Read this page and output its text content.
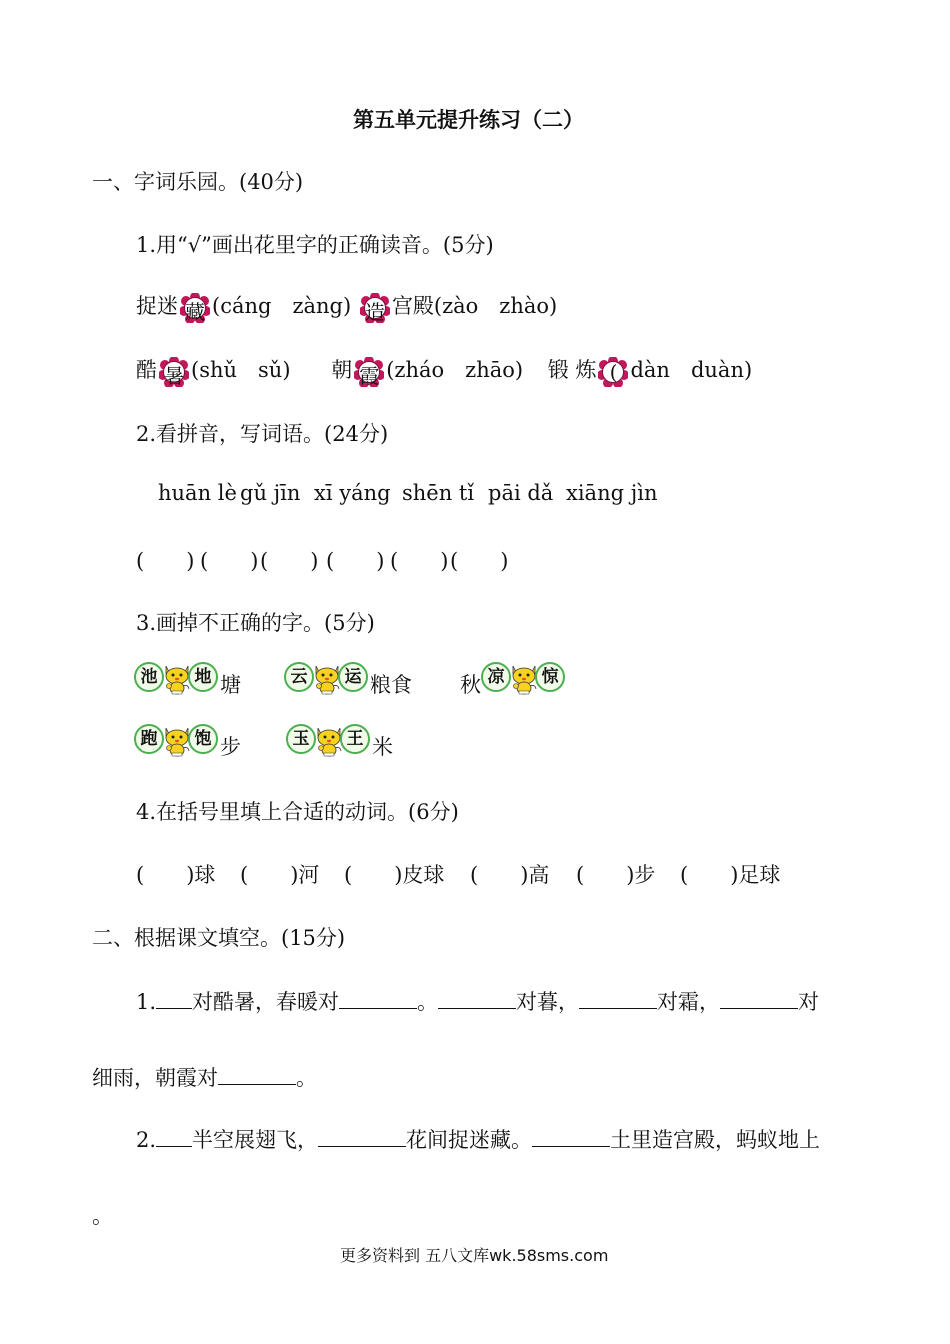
第五单元提升练习（二）
一、字词乐园。(40分)
1.用“√”画出花里字的正确读音。(5分)
捉迷 藏 (cáng　zàng) 造 宫殿(zào　zhào)
酷 暑 (shǔ　sǔ) 朝 霞 (zháo　zhāo) 锻 炼 ( dàn　duàn)
2.看拼音，写词语。(24分)
huān lè gǔ jīn xī yáng shēn tǐ pāi dǎ xiāng jìn
(　　) (　　) (　　) (　　) (　　) (　　)
3.画掉不正确的字。(5分)
池	地 塘	云	运 粮食 秋 凉	惊
跑	饱 步	玉	王 米
4.在括号里填上合适的动词。(6分)
(　　)球 (　　)河 (　　)皮球 (　　)高 (　　)步 (　　)足球
二、根据课文填空。(15分)
1. 对酷暑，春暖对	。	对暮，	对霜，	对
细雨，朝霞对	。
2. 半空展翅飞，	花间捉迷藏。	土里造宫殿，蚂蚁地上
。
更多资料到 五八文库wk.58sms.com
